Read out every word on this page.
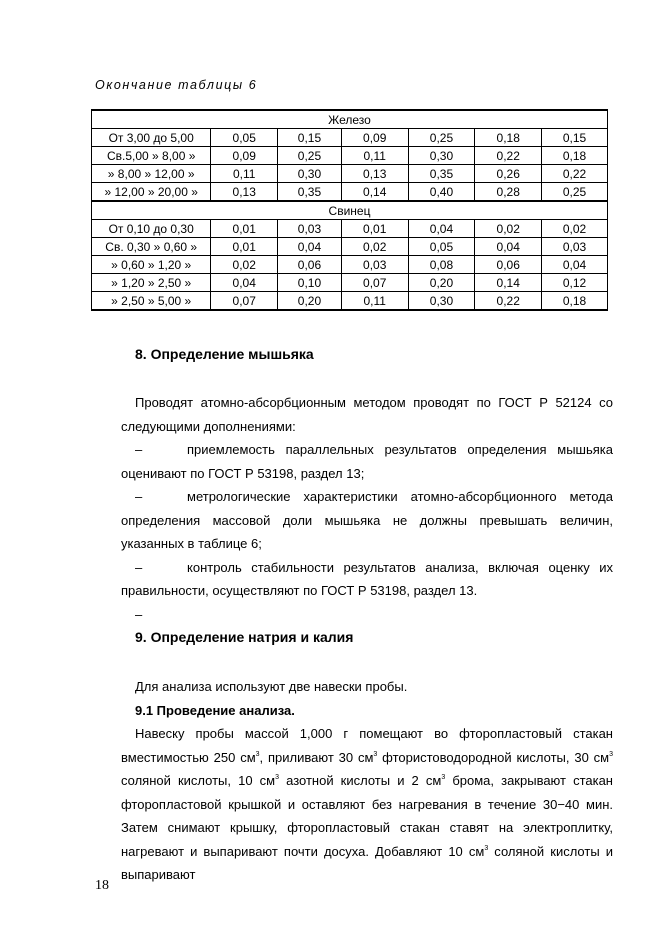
Окончание таблицы 6
Железо						
От 3,00 до 5,00	0,05	0,15	0,09	0,25	0,18	0,15
Св.5,00 » 8,00 »	0,09	0,25	0,11	0,30	0,22	0,18
» 8,00 » 12,00 »	0,11	0,30	0,13	0,35	0,26	0,22
» 12,00 » 20,00 »	0,13	0,35	0,14	0,40	0,28	0,25
Свинец						
От 0,10 до 0,30	0,01	0,03	0,01	0,04	0,02	0,02
Св. 0,30 » 0,60 »	0,01	0,04	0,02	0,05	0,04	0,03
» 0,60 » 1,20 »	0,02	0,06	0,03	0,08	0,06	0,04
» 1,20 » 2,50 »	0,04	0,10	0,07	0,20	0,14	0,12
» 2,50 » 5,00 »	0,07	0,20	0,11	0,30	0,22	0,18
8. Определение мышьяка

Проводят атомно-абсорбционным методом проводят по ГОСТ Р 52124 со следующими дополнениями:

–	приемлемость параллельных результатов определения мышьяка

оценивают по ГОСТ Р 53198, раздел 13;

–	метрологические характеристики атомно-абсорбционного метода

определения массовой доли мышьяка не должны превышать величин, указанных в таблице 6;

–	контроль стабильности результатов анализа, включая оценку их

правильности, осуществляют по ГОСТ Р 53198, раздел 13.

–
9. Определение натрия и калия

Для анализа используют две навески пробы.

9.1 Проведение анализа.

Навеску пробы массой 1,000 г помещают во фторопластовый стакан вместимостью 250 $см^3$, приливают 30 $см^3$ фтористоводородной кислоты, 30 $см^3$ соляной кислоты, 10 $см^3$ азотной кислоты и 2 $см^3$ брома, закрывают стакан фторопластовой крышкой и оставляют без нагревания в течение 30−40 мин. Затем снимают крышку, фторопластовый стакан ставят на электроплитку, нагревают и выпаривают почти досуха. Добавляют 10 $см^3$ соляной кислоты и выпаривают

18
